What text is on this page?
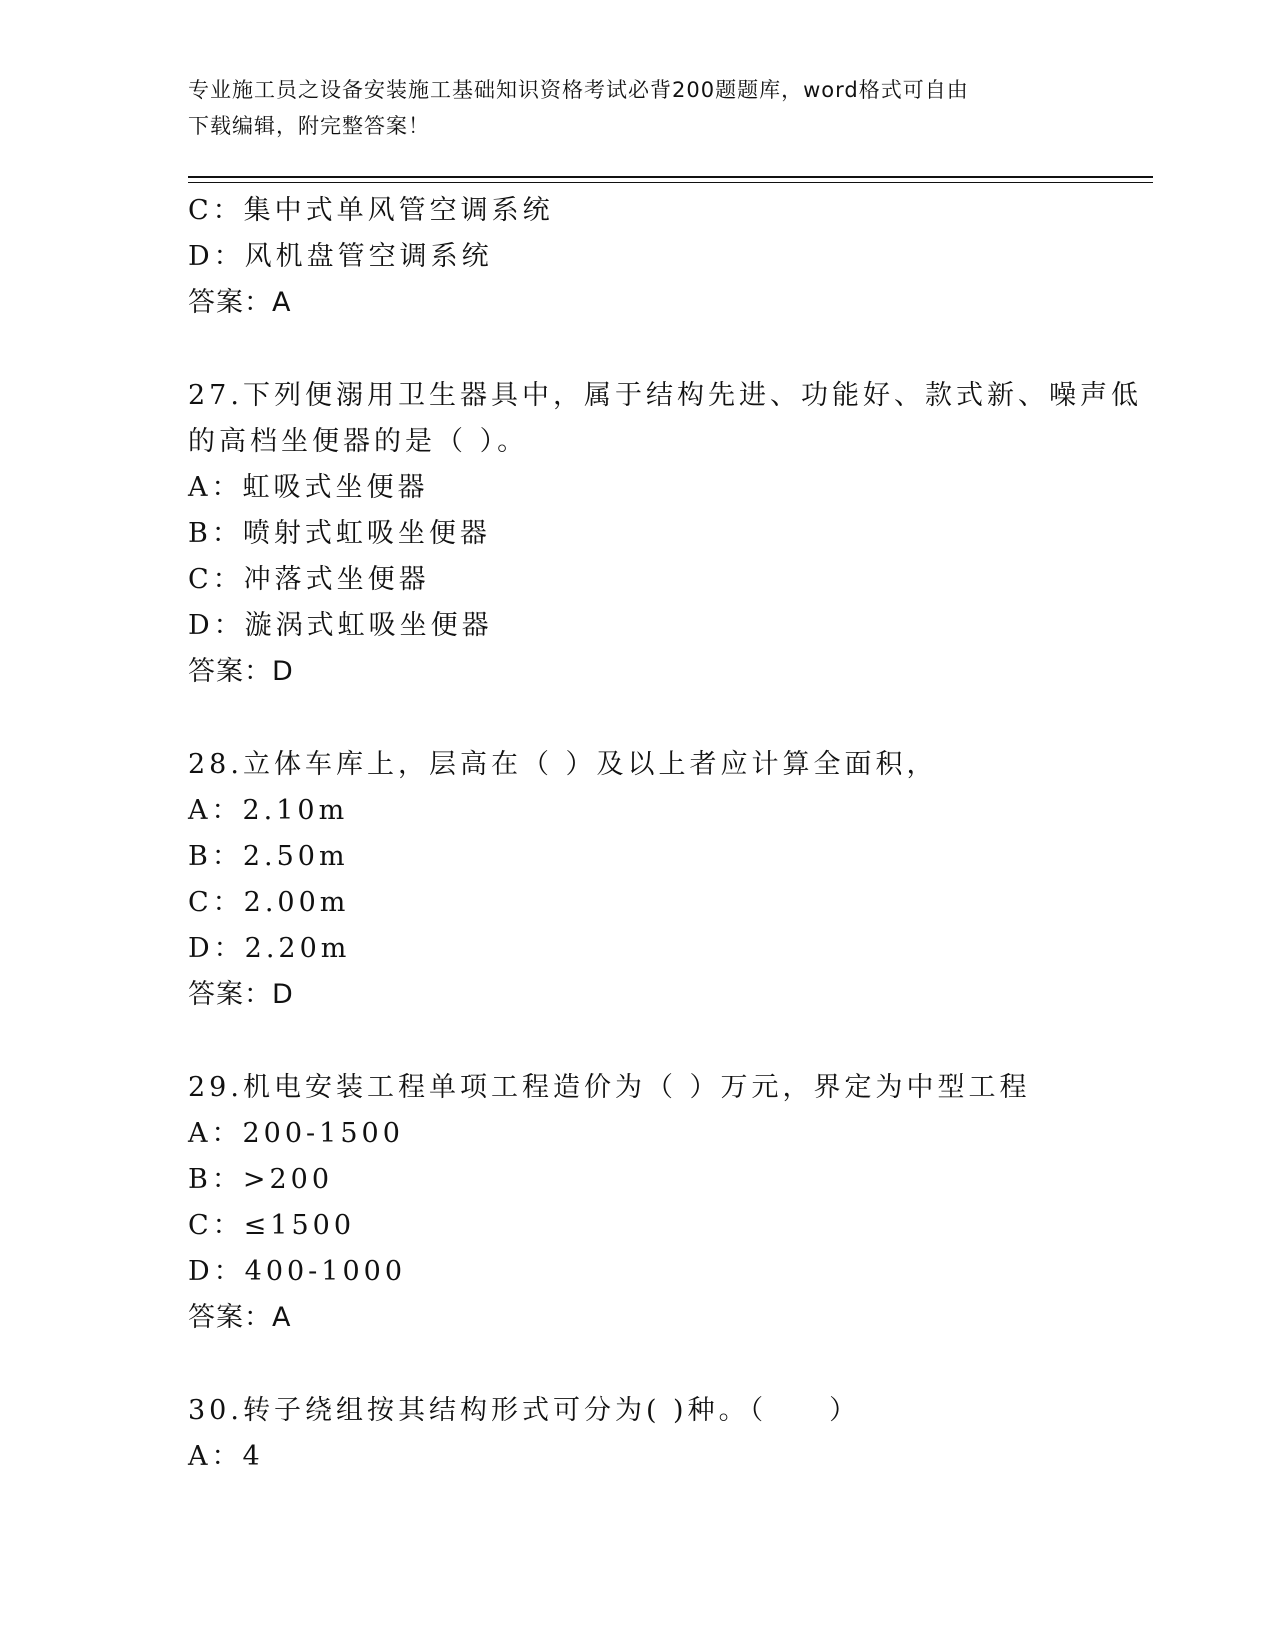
专业施工员之设备安装施工基础知识资格考试必背200题题库，word格式可自由
下载编辑，附完整答案！
C：集中式单风管空调系统
D：风机盘管空调系统
答案：A
27.下列便溺用卫生器具中，属于结构先进、功能好、款式新、噪声低
的高档坐便器的是（ ）。
A：虹吸式坐便器
B：喷射式虹吸坐便器
C：冲落式坐便器
D：漩涡式虹吸坐便器
答案：D
28.立体车库上，层高在（ ）及以上者应计算全面积，
A：2.10m
B：2.50m
C：2.00m
D：2.20m
答案：D
29.机电安装工程单项工程造价为（ ）万元，界定为中型工程
A：200-1500
B：>200
C：≤1500
D：400-1000
答案：A
30.转子绕组按其结构形式可分为( )种。（　　）
A：4
